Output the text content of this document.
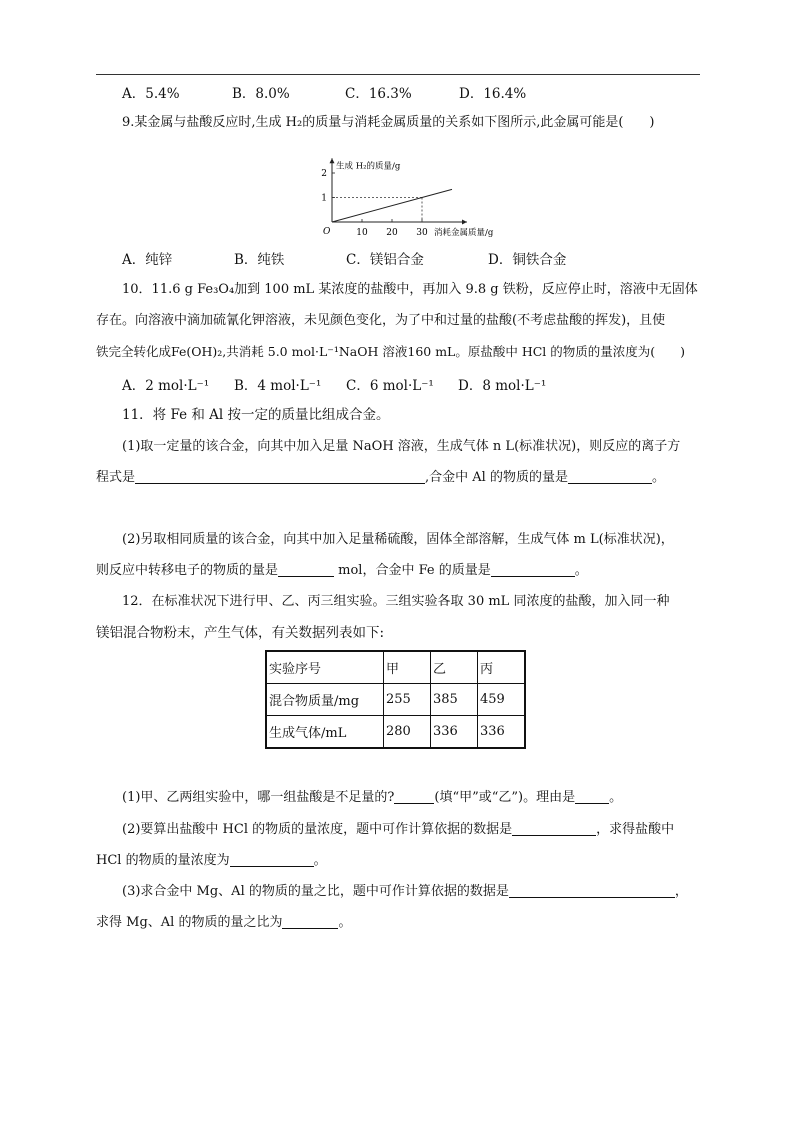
A．5.4%	B．8.0%	C．16.3%	D．16.4%
9.某金属与盐酸反应时,生成 H₂的质量与消耗金属质量的关系如下图所示,此金属可能是(　　)
生成 H₂的质量/g
消耗金属质量/g
O	10 20 30
1
2
A．纯锌	B．纯铁	C．镁铝合金	D．铜铁合金
10．11.6 g Fe₃O₄加到 100 mL 某浓度的盐酸中，再加入 9.8 g 铁粉，反应停止时，溶液中无固体
存在。向溶液中滴加硫氰化钾溶液，未见颜色变化，为了中和过量的盐酸(不考虑盐酸的挥发)，且使
铁完全转化成Fe(OH)₂,共消耗 5.0 mol·L⁻¹NaOH 溶液160 mL。原盐酸中 HCl 的物质的量浓度为(　　)
A．2 mol·L⁻¹ B．4 mol·L⁻¹ C．6 mol·L⁻¹ D．8 mol·L⁻¹
11．将 Fe 和 Al 按一定的质量比组成合金。
(1)取一定量的该合金，向其中加入足量 NaOH 溶液，生成气体 n L(标准状况)，则反应的离子方
程式是	,合金中 Al 的物质的量是	。
(2)另取相同质量的该合金，向其中加入足量稀硫酸，固体全部溶解，生成气体 m L(标准状况)，
则反应中转移电子的物质的量是	mol，合金中 Fe 的质量是	。
12．在标准状况下进行甲、乙、丙三组实验。三组实验各取 30 mL 同浓度的盐酸，加入同一种
镁铝混合物粉末，产生气体，有关数据列表如下:
实验序号	甲	乙	丙
混合物质量/mg	255	385	459
生成气体/mL	280	336	336
(1)甲、乙两组实验中，哪一组盐酸是不足量的?	(填“甲”或“乙”)。理由是	。
(2)要算出盐酸中 HCl 的物质的量浓度，题中可作计算依据的数据是	，求得盐酸中
HCl 的物质的量浓度为	。
(3)求合金中 Mg、Al 的物质的量之比，题中可作计算依据的数据是	，
求得 Mg、Al 的物质的量之比为	。
